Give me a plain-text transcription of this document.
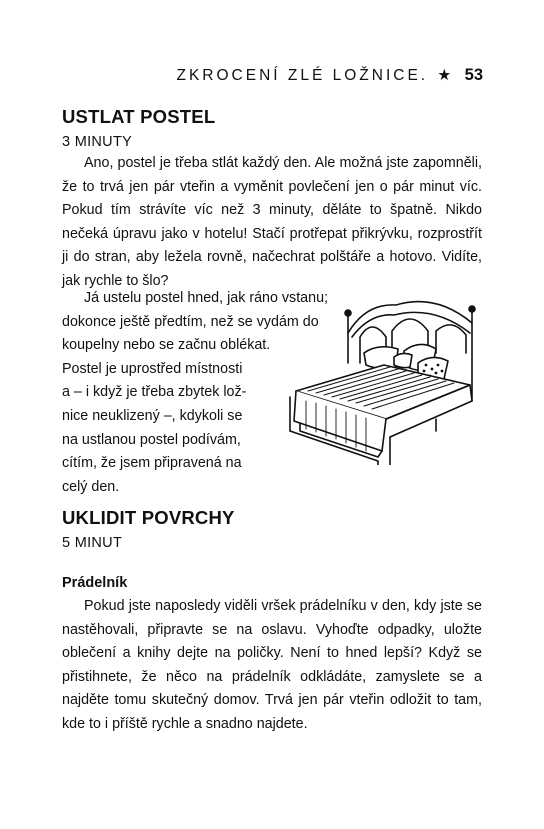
ZKROCENÍ ZLÉ LOŽNICE. ★ 53
USTLAT POSTEL
3 MINUTY

Ano, postel je třeba stlát každý den. Ale možná jste zapomněli, že to trvá jen pár vteřin a vyměnit povlečení jen o pár minut víc. Pokud tím strávíte víc než 3 minuty, děláte to špatně. Nikdo nečeká úpravu jako v hotelu! Stačí protřepat přikrývku, rozprostřít ji do stran, aby ležela rovně, načechrat polštáře a hotovo. Vidíte, jak rychle to šlo?

Já ustelu postel hned, jak ráno vstanu;

dokonce ještě předtím, než se vydám do

koupelny nebo se začnu oblékat.

Postel je uprostřed místnosti

a – i když je třeba zbytek lož-

nice neuklizený –, kdykoli se

na ustlanou postel podívám,

cítím, že jsem připravená na

celý den.

UKLIDIT POVRCHY
5 MINUT
Prádelník

Pokud jste naposledy viděli vršek prádelníku v den, kdy jste se nastěhovali, připravte se na oslavu. Vyhoďte odpadky, uložte oblečení a knihy dejte na poličky. Není to hned lepší? Když se přistihnete, že něco na prádelník odkládáte, zamyslete se a najděte tomu skutečný domov. Trvá jen pár vteřin odložit to tam, kde to i příště rychle a snadno najdete.
